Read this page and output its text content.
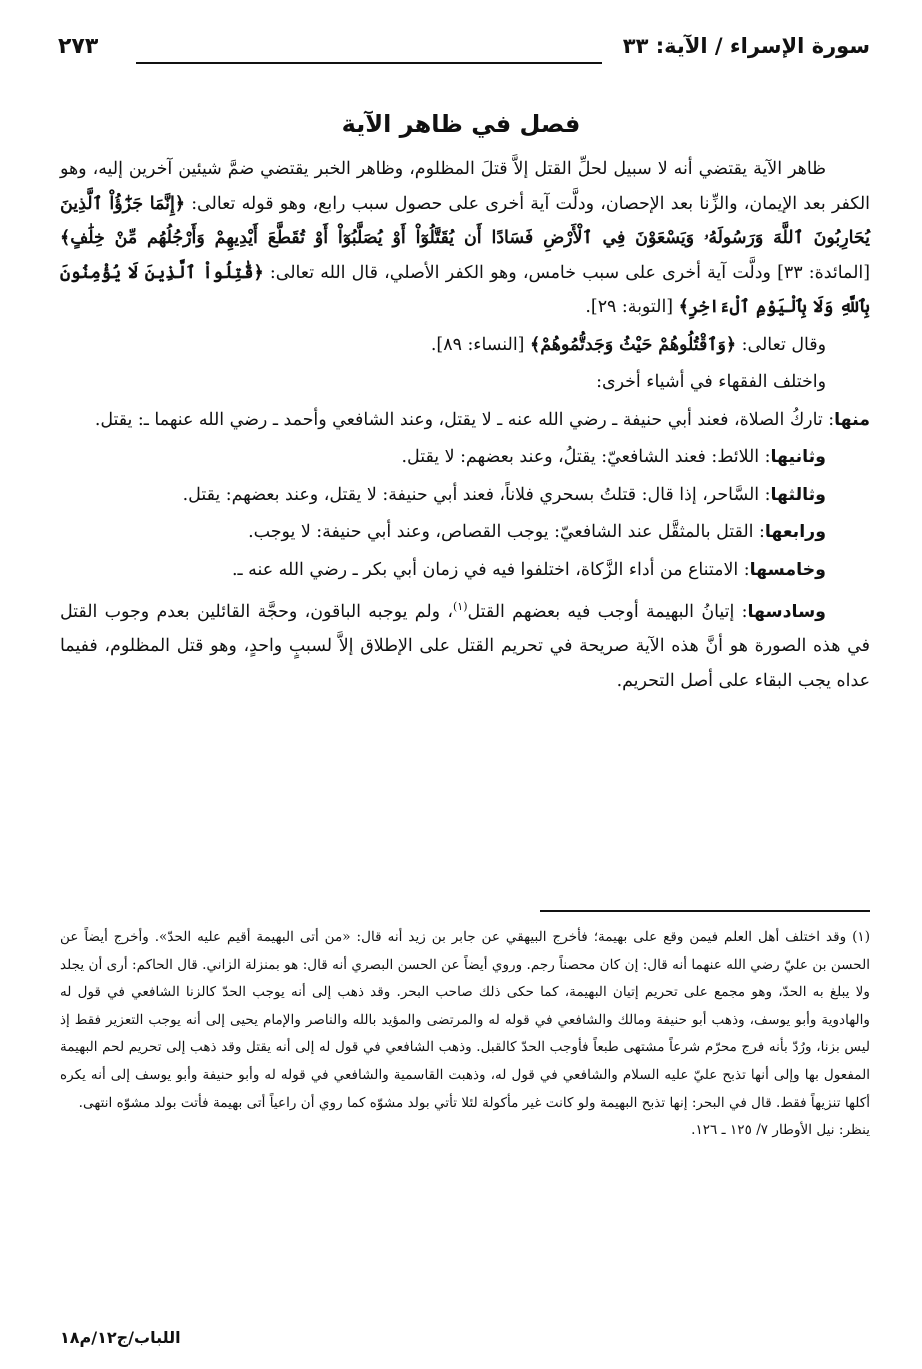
سورة الإسراء / الآية: ٣٣
٢٧٣
فصل في ظاهر الآية

ظاهر الآية يقتضي أنه لا سبيل لحلِّ القتل إلاَّ قتلَ المظلوم، وظاهر الخبر يقتضي ضمَّ شيئين آخرين إليه، وهو الكفر بعد الإيمان، والزِّنا بعد الإحصان، ودلَّت آية أخرى على حصول سبب رابع، وهو قوله تعالى: ﴿إِنَّمَا جَزَٰٓؤُاْ ٱلَّذِينَ يُحَارِبُونَ ٱللَّهَ وَرَسُولَهُۥ وَيَسْعَوْنَ فِي ٱلْأَرْضِ فَسَادًا أَن يُقَتَّلُوٓاْ أَوْ يُصَلَّبُوٓاْ أَوْ تُقَطَّعَ أَيْدِيهِمْ وَأَرْجُلُهُم مِّنْ خِلَٰفٍ﴾ [المائدة: ٣٣] ودلَّت آية أخرى على سبب خامس، وهو الكفر الأصلي، قال الله تعالى: ﴿قَٰتِلُواْ ٱلَّذِينَ لَا يُؤْمِنُونَ بِٱللَّهِ وَلَا بِٱلْيَوْمِ ٱلْءَاخِرِ﴾ [التوبة: ٢٩].

وقال تعالى: ﴿وَٱقْتُلُوهُمْ حَيْثُ وَجَدتُّمُوهُمْ﴾ [النساء: ٨٩].

واختلف الفقهاء في أشياء أخرى:

منها: تاركُ الصلاة، فعند أبي حنيفة ـ رضي الله عنه ـ لا يقتل، وعند الشافعي وأحمد ـ رضي الله عنهما ـ: يقتل.

وثانيها: اللائط: فعند الشافعيّ: يقتلُ، وعند بعضهم: لا يقتل.

وثالثها: السَّاحر، إذا قال: قتلتُ بسحري فلاناً، فعند أبي حنيفة: لا يقتل، وعند بعضهم: يقتل.

ورابعها: القتل بالمثقَّل عند الشافعيّ: يوجب القصاص، وعند أبي حنيفة: لا يوجب.

وخامسها: الامتناع من أداء الزَّكاة، اختلفوا فيه في زمان أبي بكر ـ رضي الله عنه ـ.

وسادسها: إتيانُ البهيمة أوجب فيه بعضهم القتل$^{(١)}$، ولم يوجبه الباقون، وحجَّة القائلين بعدم وجوب القتل في هذه الصورة هو أنَّ هذه الآية صريحة في تحريم القتل على الإطلاق إلاَّ لسببٍ واحدٍ، وهو قتل المظلوم، ففيما عداه يجب البقاء على أصل التحريم.

(١) وقد اختلف أهل العلم فيمن وقع على بهيمة؛ فأخرج البيهقي عن جابر بن زيد أنه قال: «من أتى البهيمة أقيم عليه الحدّ». وأخرج أيضاً عن الحسن بن عليّ رضي الله عنهما أنه قال: إن كان محصناً رجم. وروي أيضاً عن الحسن البصري أنه قال: هو بمنزلة الزاني. قال الحاكم: أرى أن يجلد ولا يبلغ به الحدّ، وهو مجمع على تحريم إتيان البهيمة، كما حكى ذلك صاحب البحر. وقد ذهب إلى أنه يوجب الحدّ كالزنا الشافعي في قول له والهادوية وأبو يوسف، وذهب أبو حنيفة ومالك والشافعي في قوله له والمرتضى والمؤيد بالله والناصر والإمام يحيى إلى أنه يوجب التعزير فقط إذ ليس بزنا، ورُدّ بأنه فرج محرّم شرعاً مشتهى طبعاً فأوجب الحدّ كالقبل. وذهب الشافعي في قول له إلى أنه يقتل وقد ذهب إلى تحريم لحم البهيمة المفعول بها وإلى أنها تذبح عليّ عليه السلام والشافعي في قول له، وذهبت القاسمية والشافعي في قوله له وأبو حنيفة وأبو يوسف إلى أنه يكره أكلها تنزيهاً فقط. قال في البحر: إنها تذبح البهيمة ولو كانت غير مأكولة لئلا تأتي بولد مشوّه كما روي أن راعياً أتى بهيمة فأتت بولد مشوّه انتهى.

ينظر: نيل الأوطار ٧/ ١٢٥ ـ ١٢٦.

اللباب/ج١٢/م١٨
